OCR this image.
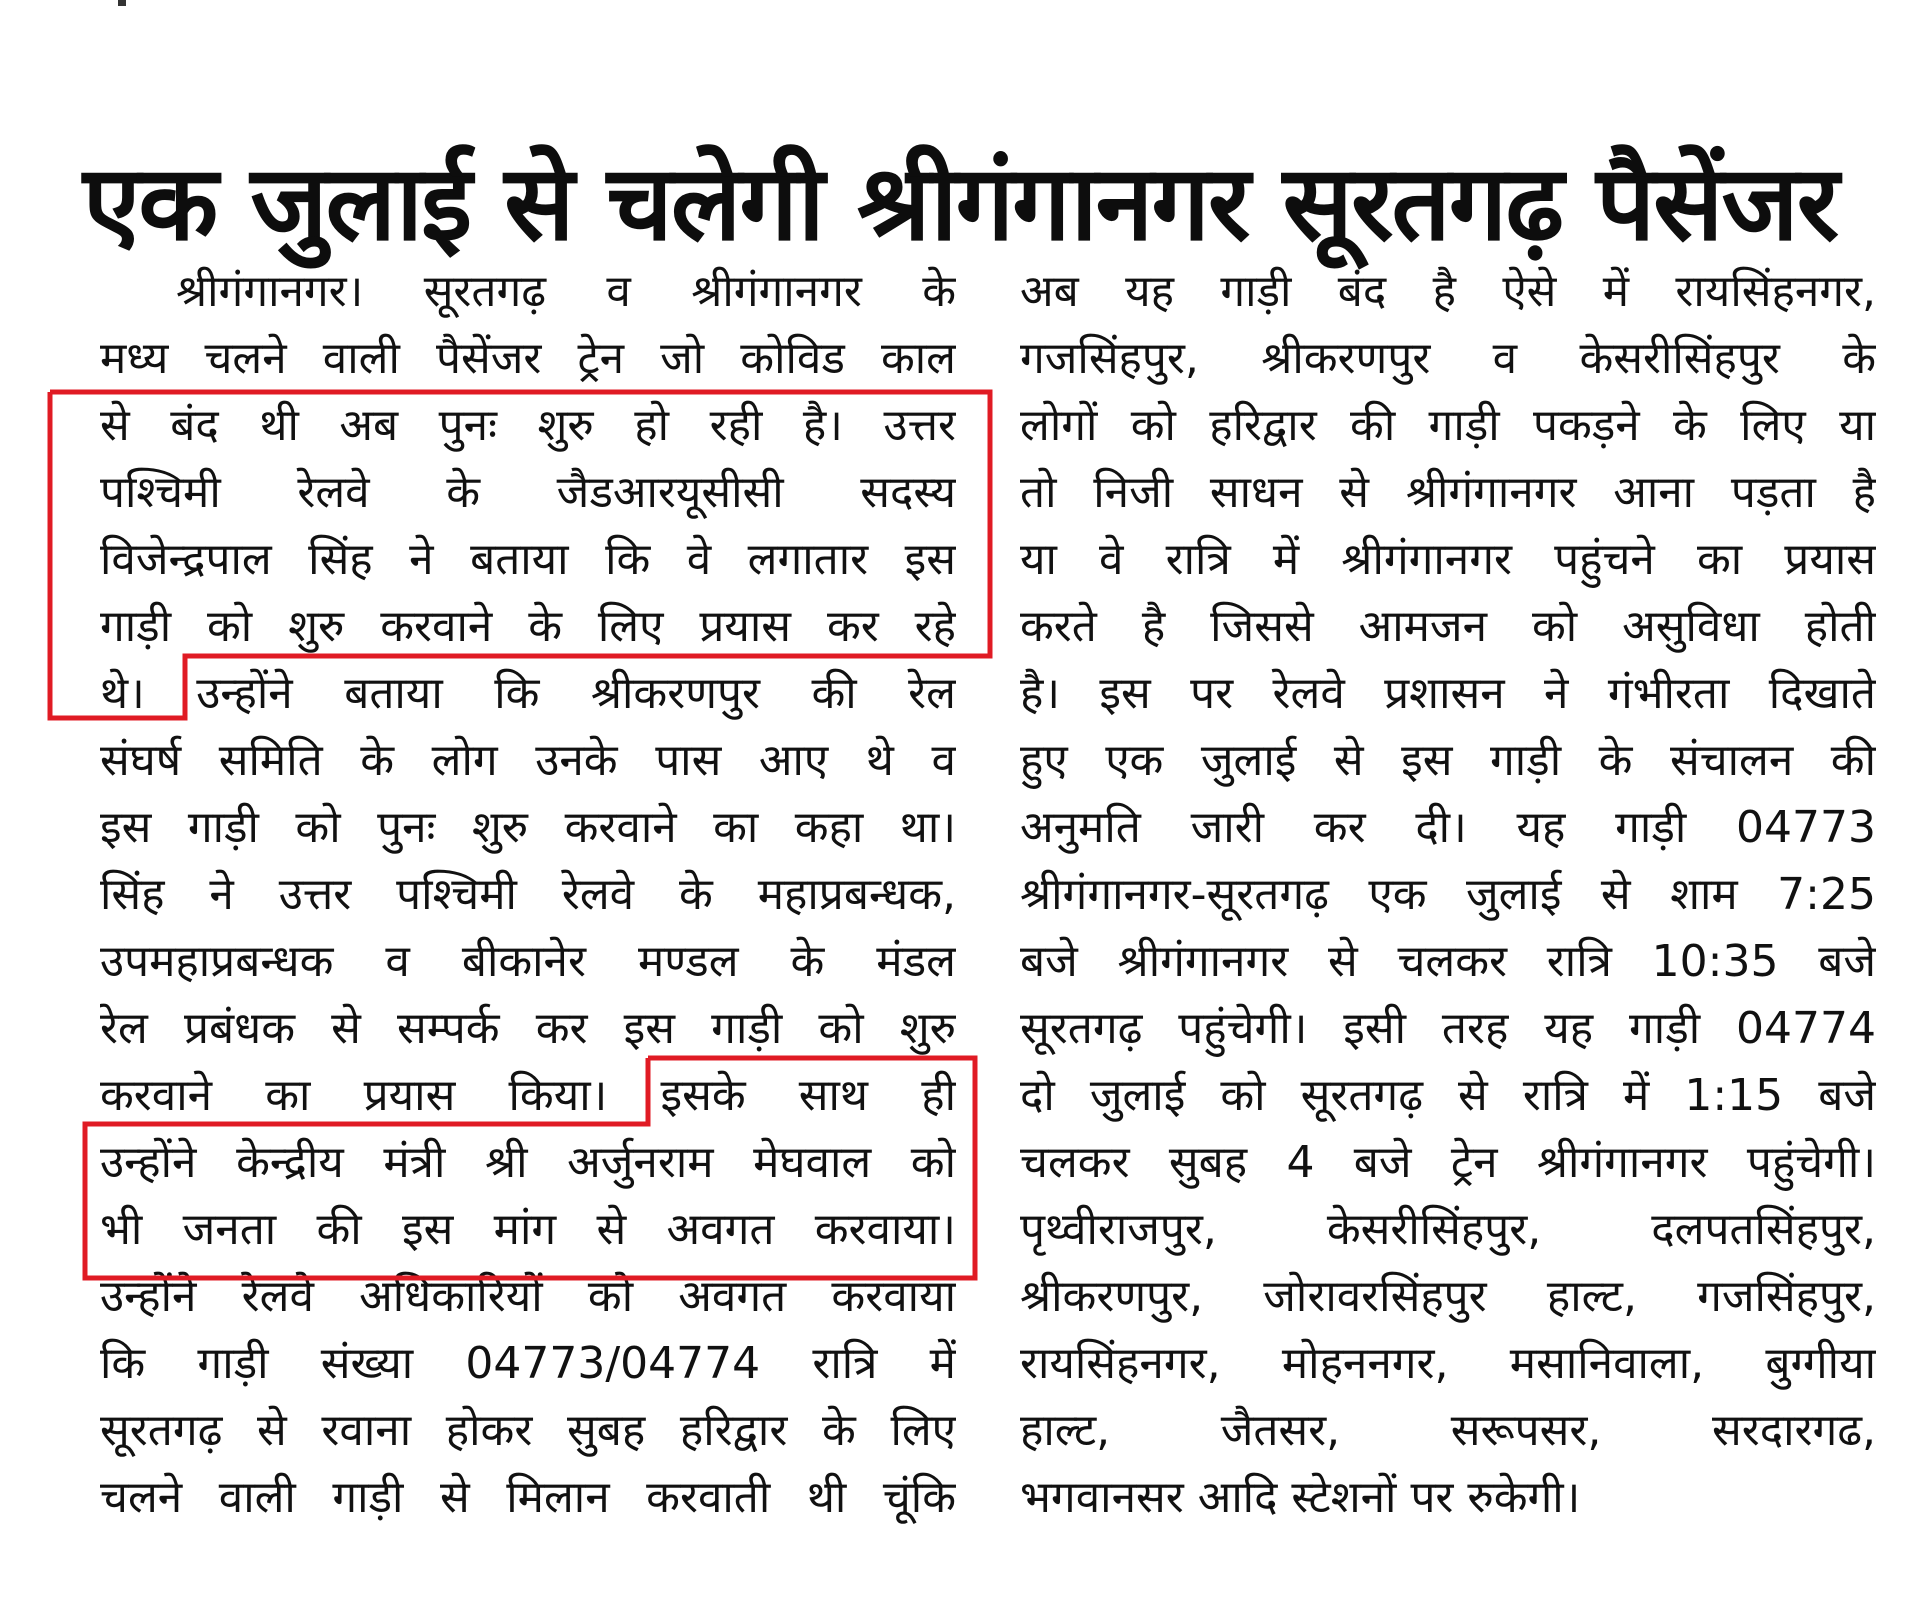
एक जुलाई से चलेगी श्रीगंगानगर सूरतगढ़ पैसेंजर
श्रीगंगानगर। सूरतगढ़ व श्रीगंगानगर के
मध्य चलने वाली पैसेंजर ट्रेन जो कोविड काल
से बंद थी अब पुनः शुरु हो रही है। उत्तर
पश्चिमी रेलवे के जैडआरयूसीसी सदस्य
विजेन्द्रपाल सिंह ने बताया कि वे लगातार इस
गाड़ी को शुरु करवाने के लिए प्रयास कर रहे
थे। उन्होंने बताया कि श्रीकरणपुर की रेल
संघर्ष समिति के लोग उनके पास आए थे व
इस गाड़ी को पुनः शुरु करवाने का कहा था।
सिंह ने उत्तर पश्चिमी रेलवे के महाप्रबन्धक,
उपमहाप्रबन्धक व बीकानेर मण्डल के मंडल
रेल प्रबंधक से सम्पर्क कर इस गाड़ी को शुरु
करवाने का प्रयास किया। इसके साथ ही
उन्होंने केन्द्रीय मंत्री श्री अर्जुनराम मेघवाल को
भी जनता की इस मांग से अवगत करवाया।
उन्होंने रेलवे अधिकारियों को अवगत करवाया
कि गाड़ी संख्या 04773/04774 रात्रि में
सूरतगढ़ से रवाना होकर सुबह हरिद्वार के लिए
चलने वाली गाड़ी से मिलान करवाती थी चूंकि
अब यह गाड़ी बंद है ऐसे में रायसिंहनगर,
गजसिंहपुर, श्रीकरणपुर व केसरीसिंहपुर के
लोगों को हरिद्वार की गाड़ी पकड़ने के लिए या
तो निजी साधन से श्रीगंगानगर आना पड़ता है
या वे रात्रि में श्रीगंगानगर पहुंचने का प्रयास
करते है जिससे आमजन को असुविधा होती
है। इस पर रेलवे प्रशासन ने गंभीरता दिखाते
हुए एक जुलाई से इस गाड़ी के संचालन की
अनुमति जारी कर दी। यह गाड़ी 04773
श्रीगंगानगर-सूरतगढ़ एक जुलाई से शाम 7:25
बजे श्रीगंगानगर से चलकर रात्रि 10:35 बजे
सूरतगढ़ पहुंचेगी। इसी तरह यह गाड़ी 04774
दो जुलाई को सूरतगढ़ से रात्रि में 1:15 बजे
चलकर सुबह 4 बजे ट्रेन श्रीगंगानगर पहुंचेगी।
पृथ्वीराजपुर, केसरीसिंहपुर, दलपतसिंहपुर,
श्रीकरणपुर, जोरावरसिंहपुर हाल्ट, गजसिंहपुर,
रायसिंहनगर, मोहननगर, मसानिवाला, बुग्गीया
हाल्ट, जैतसर, सरूपसर, सरदारगढ,
भगवानसर आदि स्टेशनों पर रुकेगी।
